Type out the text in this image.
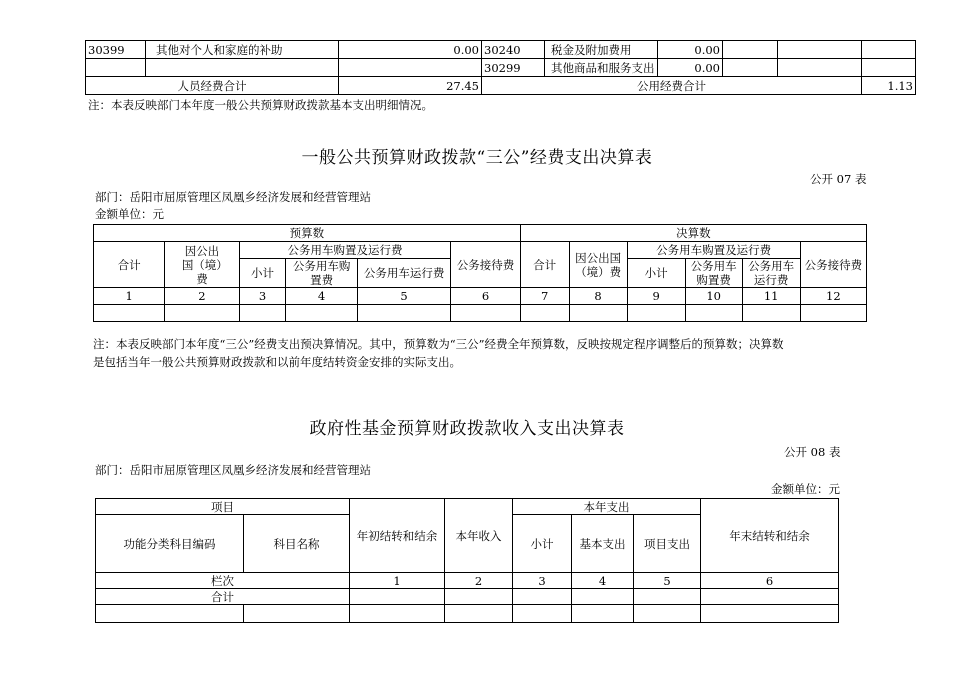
30399	其他对个人和家庭的补助	0.00	30240	税金及附加费用	0.00			
			30299	其他商品和服务支出	0.00			
人员经费合计		27.45	公用经费合计					1.13
注：本表反映部门本年度一般公共预算财政拨款基本支出明细情况。
一般公共预算财政拨款“三公”经费支出决算表
公开 07 表
部门：岳阳市屈原管理区凤凰乡经济发展和经营管理站
金额单位：元
预算数						决算数					
合计	因公出国（境）费	公务用车购置及运行费			公务接待费	合计	因公出国（境）费	公务用车购置及运行费			公务接待费
		小计	公务用车购置费	公务用车运行费				小计	公务用车购置费	公务用车运行费	
1	2	3	4	5	6	7	8	9	10	11	12

注：本表反映部门本年度“三公”经费支出预决算情况。其中，预算数为“三公”经费全年预算数，反映按规定程序调整后的预算数；决算数
是包括当年一般公共预算财政拨款和以前年度结转资金安排的实际支出。
政府性基金预算财政拨款收入支出决算表
公开 08 表
部门：岳阳市屈原管理区凤凰乡经济发展和经营管理站
金额单位：元
项目		年初结转和结余	本年收入	本年支出			年末结转和结余
功能分类科目编码	科目名称			小计	基本支出	项目支出	

栏次		1	2	3	4	5	6
合计							
